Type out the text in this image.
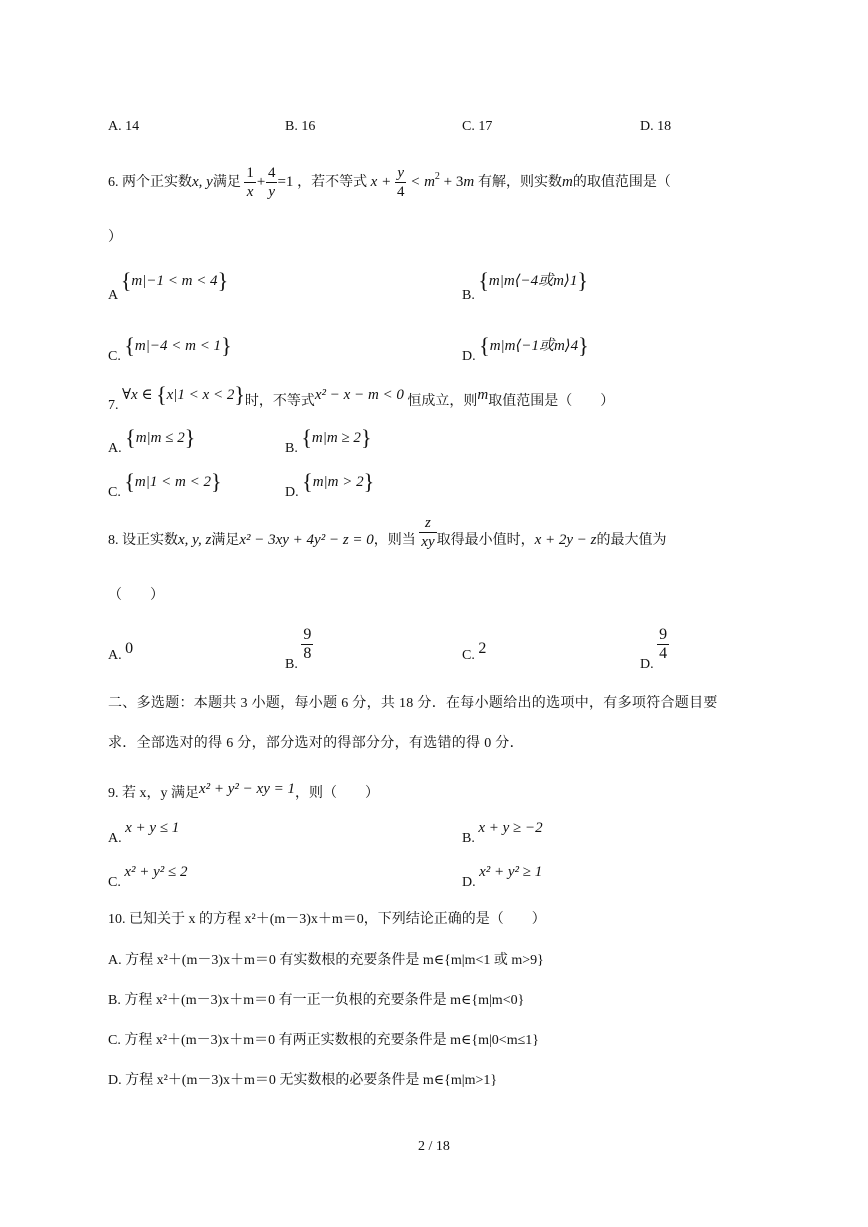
A. 14	B. 16	C. 17	D. 18
6. 两个正实数x, y满足 $\frac{1}{x} + \frac{4}{y} =1$ ，若不等式 $x + \frac{y}{4} < m^2 + 3m$ 有解，则实数m的取值范围是（
）
A {m|−1 < m < 4}
B. {m|m⟨−4或m⟩1}
C. {m|−4 < m < 1}	D. {m|m⟨−1或m⟩4}
7. ∀x ∈ {x|1 < x < 2}时，不等式x² − x − m < 0 恒成立，则m取值范围是（　　）
A. {m|m ≤ 2}	B. {m|m ≥ 2}
C. {m|1 < m < 2}	D. {m|m > 2}
8. 设正实数x, y, z满足x² − 3xy + 4y² − z = 0，则当 $\frac{z}{xy}$ 取得最小值时，x + 2y − z的最大值为
（　　）
A. 0
B.
$\frac{9}{8}$	C. 2
D.
$\frac{9}{4}$
二、多选题：本题共 3 小题，每小题 6 分，共 18 分．在每小题给出的选项中，有多项符合题目要
求．全部选对的得 6 分，部分选对的得部分分，有选错的得 0 分．
9. 若 x，y 满足x² + y² − xy = 1，则（　　）
A. x + y ≤ 1
B. x + y ≥ −2
C. x² + y² ≤ 2
D. x² + y² ≥ 1
10. 已知关于 x 的方程 x²＋(m－3)x＋m＝0，下列结论正确的是（　　）
A. 方程 x²＋(m－3)x＋m＝0 有实数根的充要条件是 m∈{m|m<1 或 m>9}
B. 方程 x²＋(m－3)x＋m＝0 有一正一负根的充要条件是 m∈{m|m<0}
C. 方程 x²＋(m－3)x＋m＝0 有两正实数根的充要条件是 m∈{m|0<m≤1}
D. 方程 x²＋(m－3)x＋m＝0 无实数根的必要条件是 m∈{m|m>1}
2 / 18
